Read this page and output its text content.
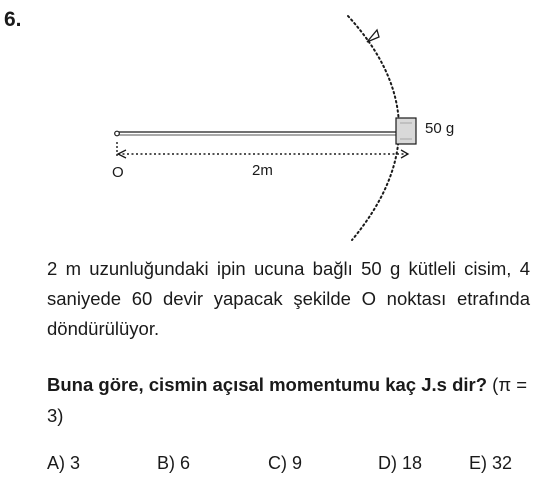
6.
50 g
O	2m
2 m uzunluğundaki ipin ucuna bağlı 50 g kütleli cisim, 4 saniyede 60 devir yapacak şekilde O noktası etrafında döndürülüyor.
Buna göre, cismin açısal momentumu kaç J.s dir? (π = 3)
A) 3	B) 6	C) 9	D) 18	E) 32
